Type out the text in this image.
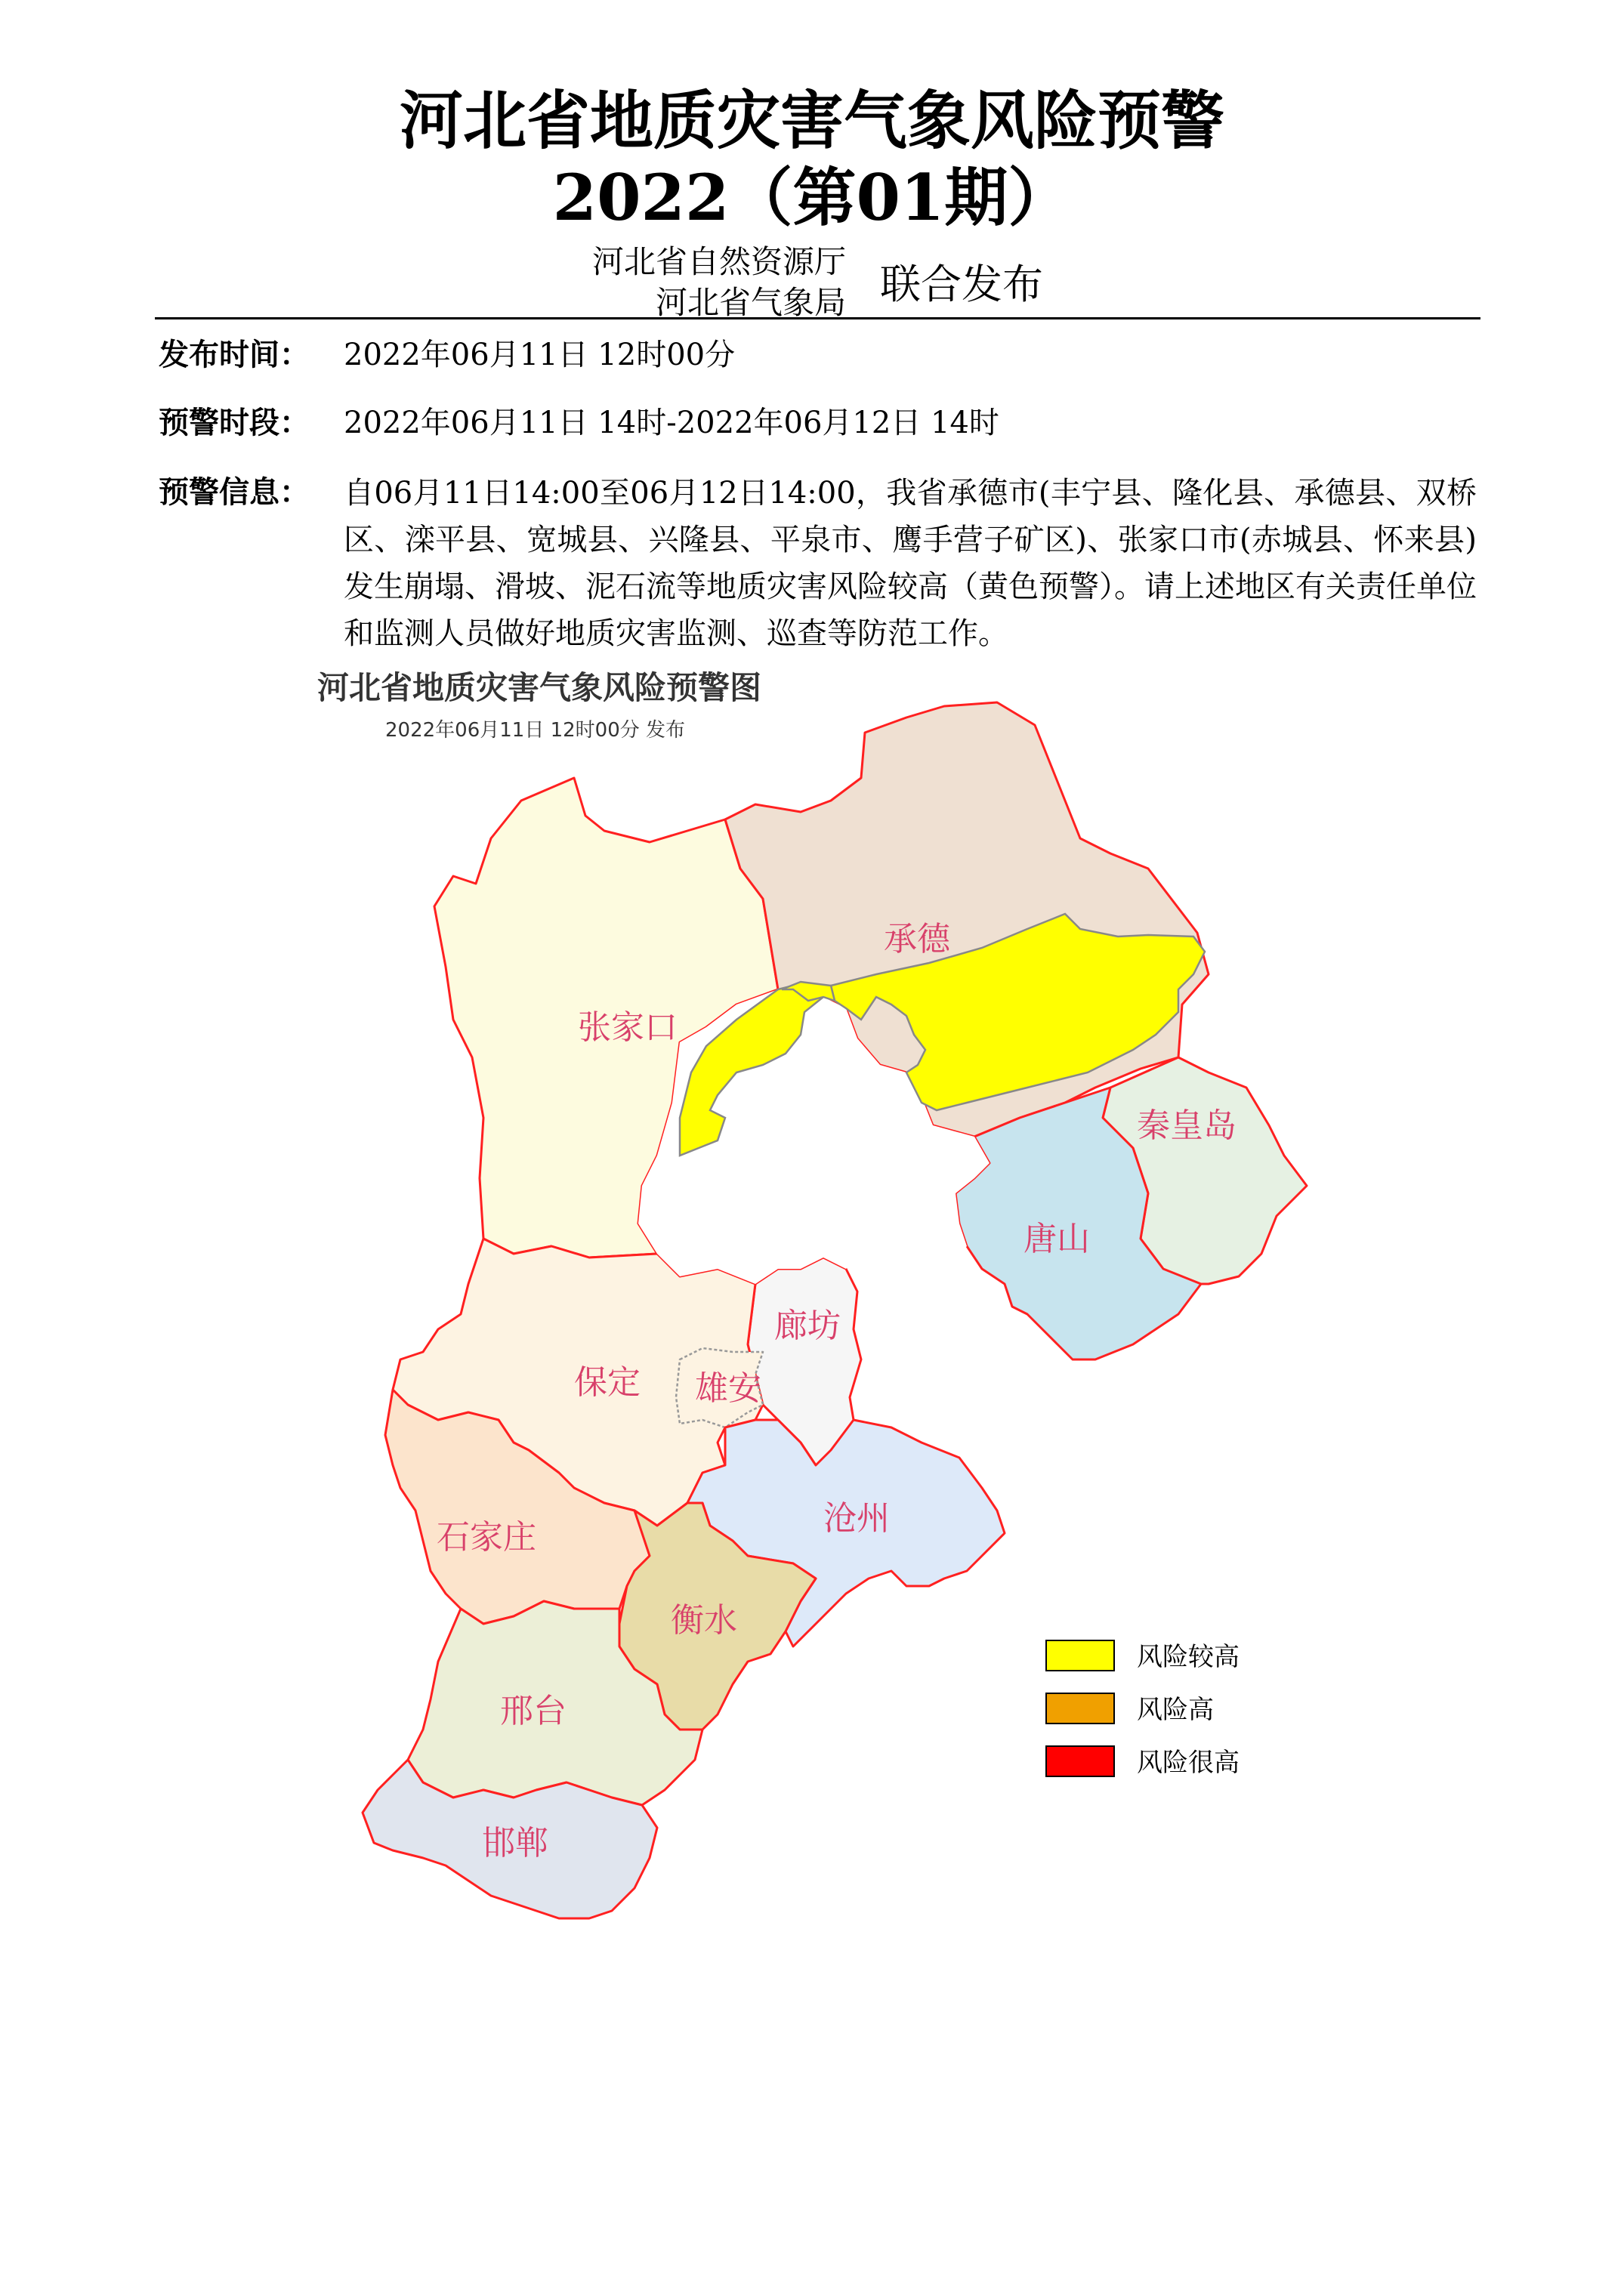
河北省地质灾害气象风险预警
2022（第01期）
河北省自然资源厅
河北省气象局 联合发布
发布时间： 2022年06月11日 12时00分
预警时段： 2022年06月11日 14时-2022年06月12日 14时
预警信息： 自06月11日14:00至06月12日14:00，我省承德市(丰宁县、隆化县、承德县、双桥区、滦平县、宽城县、兴隆县、平泉市、鹰手营子矿区)、张家口市(赤城县、怀来县)发生崩塌、滑坡、泥石流等地质灾害风险较高（黄色预警）。请上述地区有关责任单位和监测人员做好地质灾害监测、巡查等防范工作。
河北省地质灾害气象风险预警图
2022年06月11日 12时00分 发布
张家口
承德
秦皇岛
唐山
廊坊
保定 雄安
沧州
石家庄
衡水
邢台
邯郸
风险较高
风险高
风险很高
